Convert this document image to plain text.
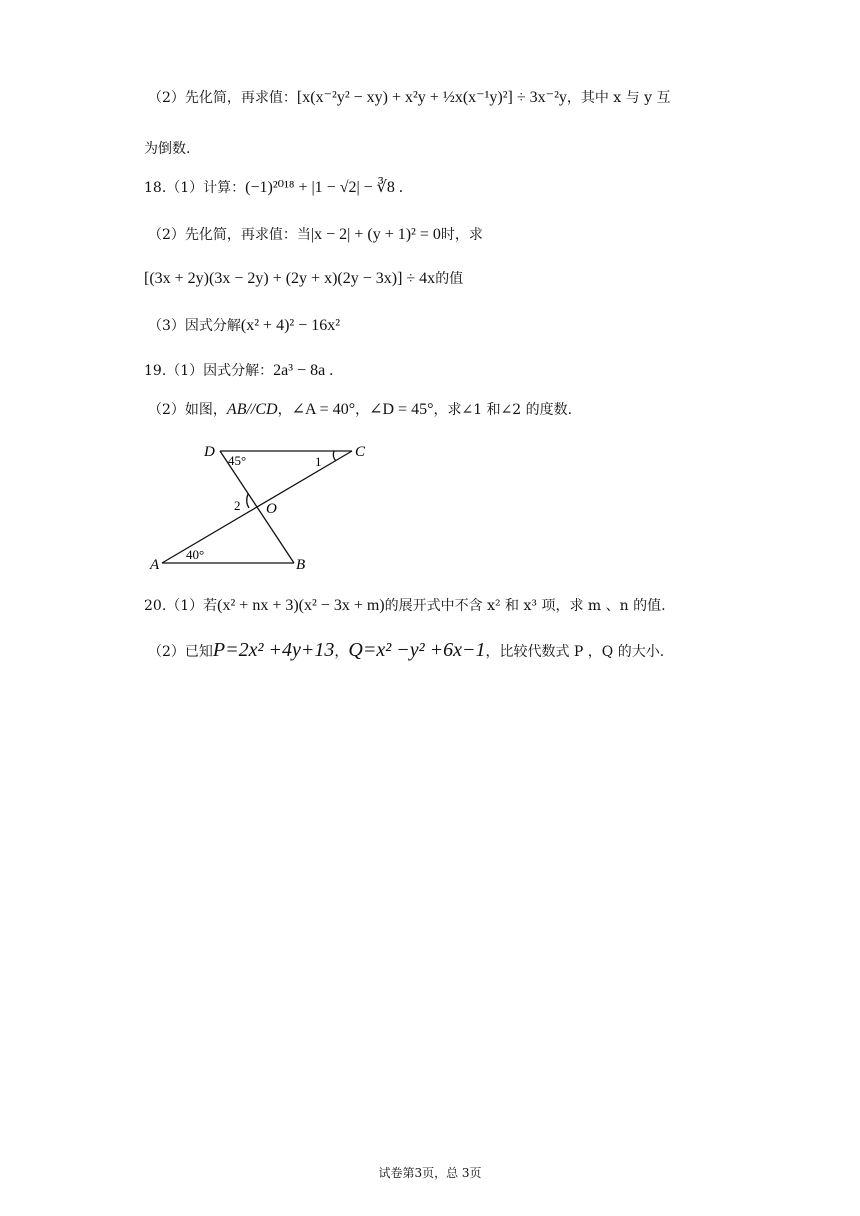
（2）先化简，再求值：[x(x⁻²y² − xy) + x²y + ½x(x⁻¹y)²] ÷ 3x⁻²y，其中 x 与 y 互
为倒数.
18.（1）计算：(−1)²⁰¹⁸ + |1 − √2| − ∛8 .
（2）先化简，再求值：当|x − 2| + (y + 1)² = 0时，求
[(3x + 2y)(3x − 2y) + (2y + x)(2y − 3x)] ÷ 4x的值
（3）因式分解(x² + 4)² − 16x²
19.（1）因式分解：2a³ − 8a .
（2）如图，AB//CD，∠A = 40°，∠D = 45°，求∠1 和∠2 的度数.
D
45°	1
C
2 O
A
40°
B
20.（1）若(x² + nx + 3)(x² − 3x + m)的展开式中不含 x² 和 x³ 项，求 m 、n 的值.
（2）已知P=2x² +4y+13，Q=x² −y² +6x−1，比较代数式 P ，Q 的大小.
试卷第3页，总 3页
